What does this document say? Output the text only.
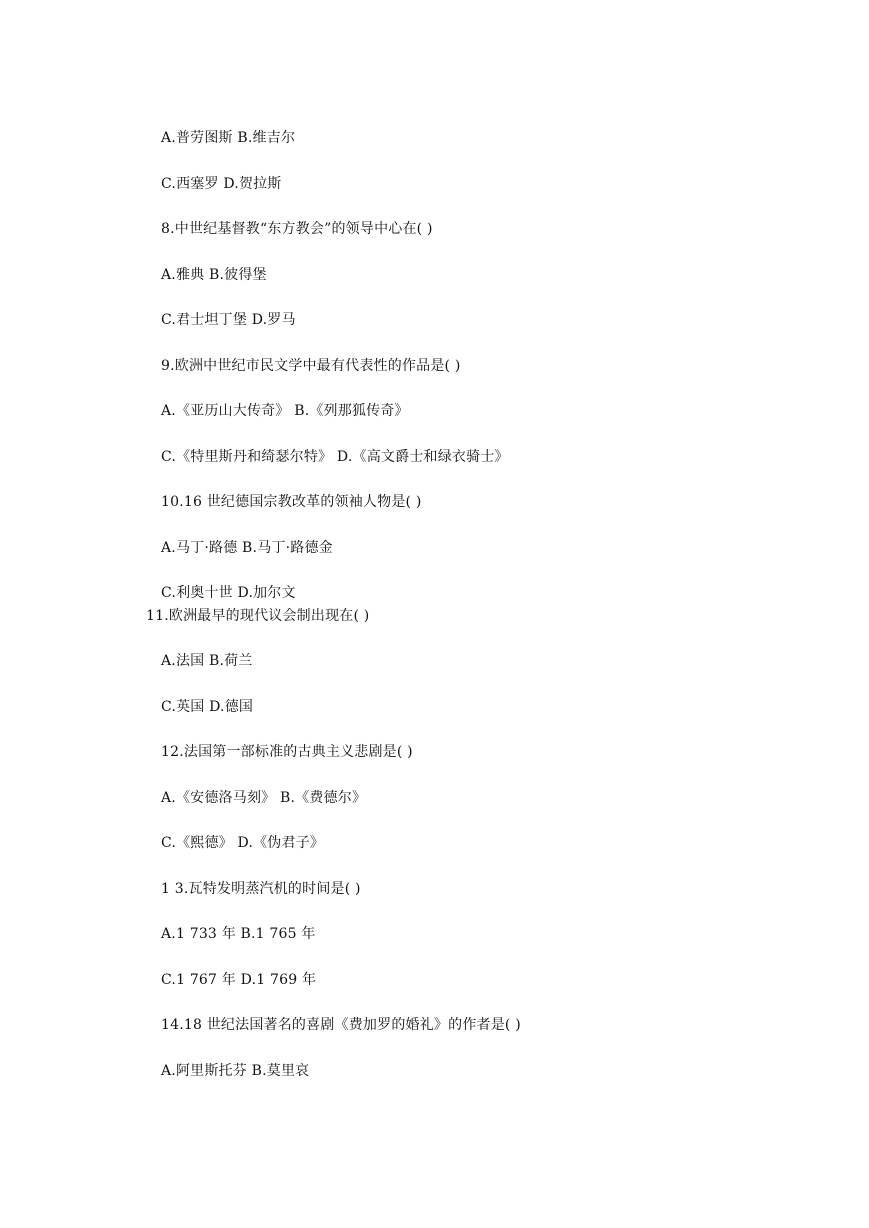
A.普劳图斯 B.维吉尔
C.西塞罗 D.贺拉斯
8.中世纪基督教“东方教会”的领导中心在( )
A.雅典 B.彼得堡
C.君士坦丁堡 D.罗马
9.欧洲中世纪市民文学中最有代表性的作品是( )
A.《亚历山大传奇》 B.《列那狐传奇》
C.《特里斯丹和绮瑟尔特》 D.《高文爵士和绿衣骑士》
10.16 世纪德国宗教改革的领袖人物是( )
A.马丁·路德 B.马丁·路德金
C.利奥十世 D.加尔文
11.欧洲最早的现代议会制出现在( )
A.法国 B.荷兰
C.英国 D.德国
12.法国第一部标准的古典主义悲剧是( )
A.《安德洛马刻》 B.《费德尔》
C.《熙德》 D.《伪君子》
1 3.瓦特发明蒸汽机的时间是( )
A.1 733 年 B.1 765 年
C.1 767 年 D.1 769 年
14.18 世纪法国著名的喜剧《费加罗的婚礼》的作者是( )
A.阿里斯托芬 B.莫里哀
